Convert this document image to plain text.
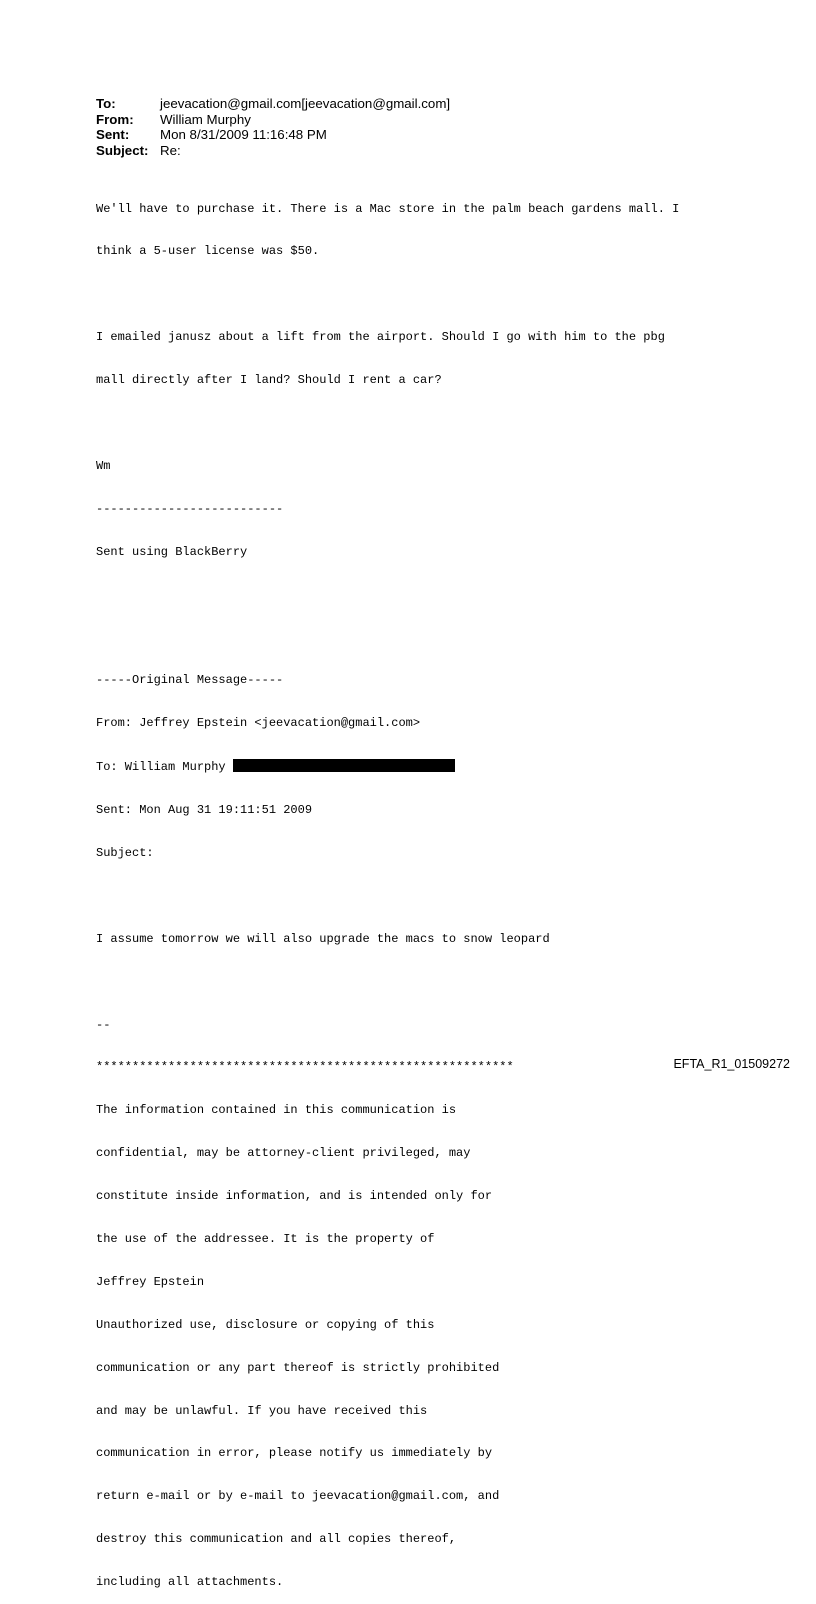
To:	jeevacation@gmail.com[jeevacation@gmail.com]
From:	William Murphy
Sent:	Mon 8/31/2009 11:16:48 PM
Subject: Re:

We'll have to purchase it. There is a Mac store in the palm beach gardens mall. I

think a 5-user license was $50.

I emailed janusz about a lift from the airport. Should I go with him to the pbg

mall directly after I land? Should I rent a car?

Wm

--------------------------

Sent using BlackBerry

-----Original Message-----

From: Jeffrey Epstein <jeevacation@gmail.com>

To: William Murphy

Sent: Mon Aug 31 19:11:51 2009

Subject:

I assume tomorrow we will also upgrade the macs to snow leopard

--

**********************************************************

The information contained in this communication is

confidential, may be attorney-client privileged, may

constitute inside information, and is intended only for

the use of the addressee. It is the property of

Jeffrey Epstein

Unauthorized use, disclosure or copying of this

communication or any part thereof is strictly prohibited

and may be unlawful. If you have received this

communication in error, please notify us immediately by

return e-mail or by e-mail to jeevacation@gmail.com, and

destroy this communication and all copies thereof,

including all attachments.

EFTA_R1_01509272
